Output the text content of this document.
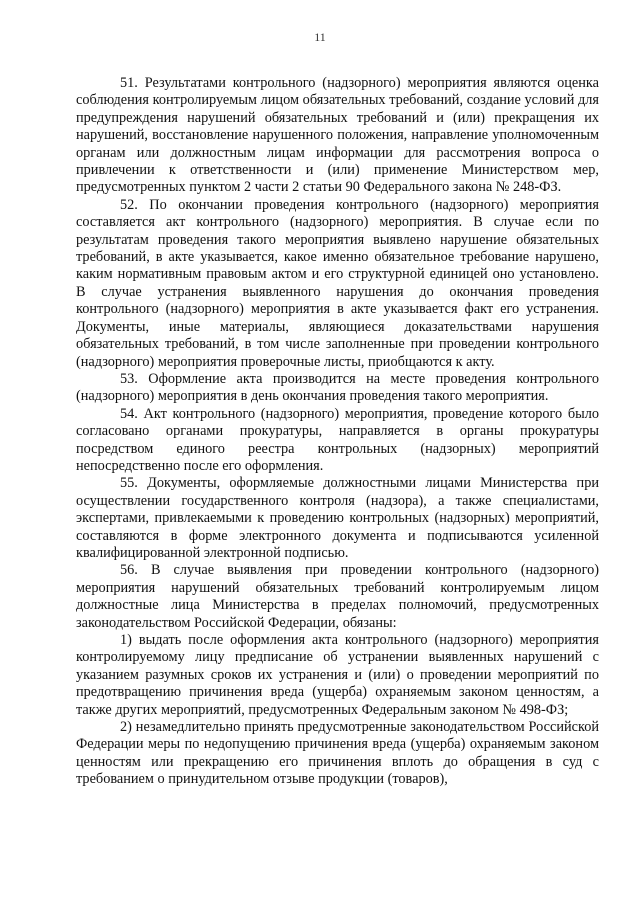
11

51. Результатами контрольного (надзорного) мероприятия являются оценка соблюдения контролируемым лицом обязательных требований, создание условий для предупреждения нарушений обязательных требований и (или) прекращения их нарушений, восстановление нарушенного положения, направление уполномоченным органам или должностным лицам информации для рассмотрения вопроса о привлечении к ответственности и (или) применение Министерством мер, предусмотренных пунктом 2 части 2 статьи 90 Федерального закона № 248-ФЗ.

52. По окончании проведения контрольного (надзорного) мероприятия составляется акт контрольного (надзорного) мероприятия. В случае если по результатам проведения такого мероприятия выявлено нарушение обязательных требований, в акте указывается, какое именно обязательное требование нарушено, каким нормативным правовым актом и его структурной единицей оно установлено. В случае устранения выявленного нарушения до окончания проведения контрольного (надзорного) мероприятия в акте указывается факт его устранения. Документы, иные материалы, являющиеся доказательствами нарушения обязательных требований, в том числе заполненные при проведении контрольного (надзорного) мероприятия проверочные листы, приобщаются к акту.

53. Оформление акта производится на месте проведения контрольного (надзорного) мероприятия в день окончания проведения такого мероприятия.

54. Акт контрольного (надзорного) мероприятия, проведение которого было согласовано органами прокуратуры, направляется в органы прокуратуры посредством единого реестра контрольных (надзорных) мероприятий непосредственно после его оформления.

55. Документы, оформляемые должностными лицами Министерства при осуществлении государственного контроля (надзора), а также специалистами, экспертами, привлекаемыми к проведению контрольных (надзорных) мероприятий, составляются в форме электронного документа и подписываются усиленной квалифицированной электронной подписью.

56. В случае выявления при проведении контрольного (надзорного) мероприятия нарушений обязательных требований контролируемым лицом должностные лица Министерства в пределах полномочий, предусмотренных законодательством Российской Федерации, обязаны:

1) выдать после оформления акта контрольного (надзорного) мероприятия контролируемому лицу предписание об устранении выявленных нарушений с указанием разумных сроков их устранения и (или) о проведении мероприятий по предотвращению причинения вреда (ущерба) охраняемым законом ценностям, а также других мероприятий, предусмотренных Федеральным законом № 498-ФЗ;

2) незамедлительно принять предусмотренные законодательством Российской Федерации меры по недопущению причинения вреда (ущерба) охраняемым законом ценностям или прекращению его причинения вплоть до обращения в суд с требованием о принудительном отзыве продукции (товаров),
